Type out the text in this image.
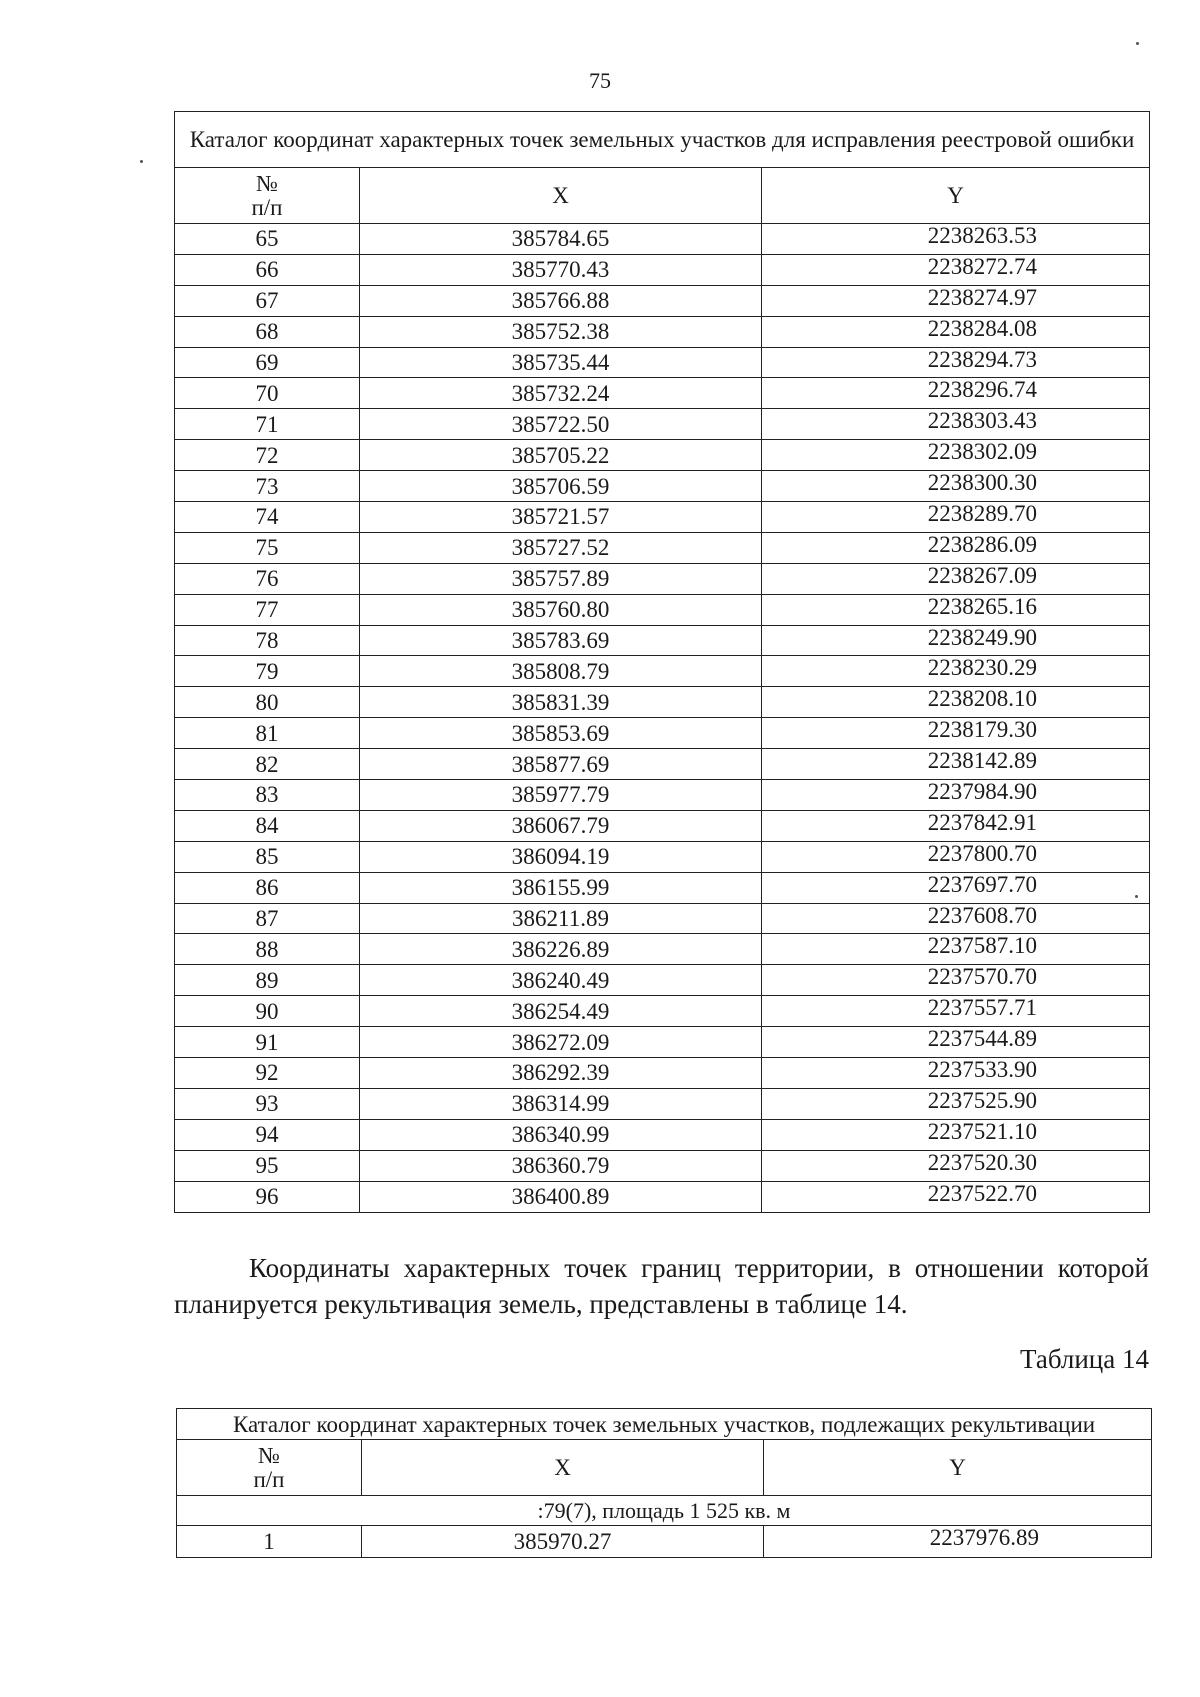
75
Каталог координат характерных точек земельных участков для исправления реестровой ошибки		
№
п/п	X	Y
65	385784.65	2238263.53
66	385770.43	2238272.74
67	385766.88	2238274.97
68	385752.38	2238284.08
69	385735.44	2238294.73
70	385732.24	2238296.74
71	385722.50	2238303.43
72	385705.22	2238302.09
73	385706.59	2238300.30
74	385721.57	2238289.70
75	385727.52	2238286.09
76	385757.89	2238267.09
77	385760.80	2238265.16
78	385783.69	2238249.90
79	385808.79	2238230.29
80	385831.39	2238208.10
81	385853.69	2238179.30
82	385877.69	2238142.89
83	385977.79	2237984.90
84	386067.79	2237842.91
85	386094.19	2237800.70
86	386155.99	2237697.70
87	386211.89	2237608.70
88	386226.89	2237587.10
89	386240.49	2237570.70
90	386254.49	2237557.71
91	386272.09	2237544.89
92	386292.39	2237533.90
93	386314.99	2237525.90
94	386340.99	2237521.10
95	386360.79	2237520.30
96	386400.89	2237522.70

Координаты характерных точек границ территории, в отношении которой планируется рекультивация земель, представлены в таблице 14.

Таблица 14
Каталог координат характерных точек земельных участков, подлежащих рекультивации		
№
п/п	X	Y
:79(7), площадь 1 525 кв. м		
1	385970.27	2237976.89
